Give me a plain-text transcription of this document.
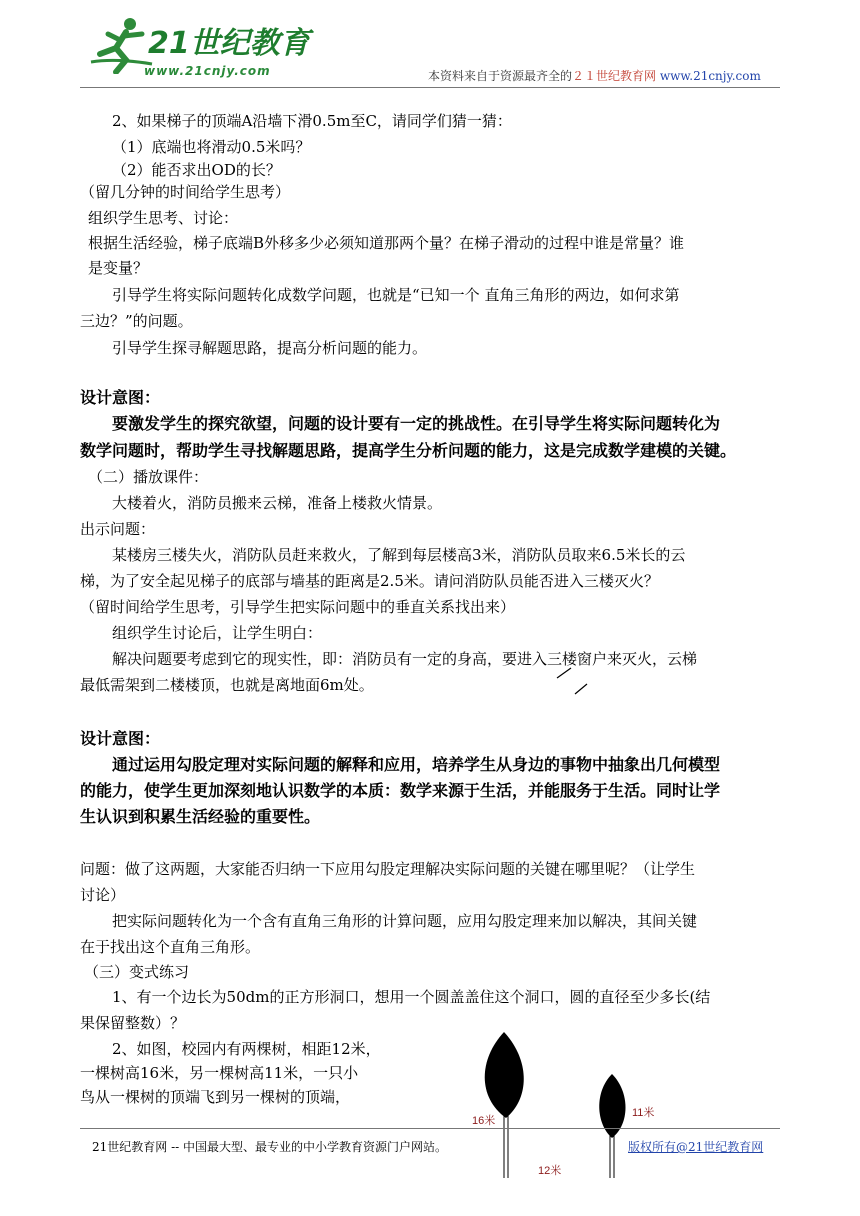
21世纪教育
www.21cnjy.com	本资料来自于资源最齐全的２１世纪教育网 www.21cnjy.com
2、如果梯子的顶端A沿墙下滑0.5m至C，请同学们猜一猜：
（1）底端也将滑动0.5米吗？
（2）能否求出OD的长？
（留几分钟的时间给学生思考）
组织学生思考、讨论：
根据生活经验，梯子底端B外移多少必须知道那两个量？在梯子滑动的过程中谁是常量？谁
是变量？
引导学生将实际问题转化成数学问题，也就是“已知一个 直角三角形的两边，如何求第
三边？”的问题。
引导学生探寻解题思路，提高分析问题的能力。
设计意图：
要激发学生的探究欲望，问题的设计要有一定的挑战性。在引导学生将实际问题转化为
数学问题时，帮助学生寻找解题思路，提高学生分析问题的能力，这是完成数学建模的关键。
（二）播放课件：
大楼着火，消防员搬来云梯，准备上楼救火情景。
出示问题：
某楼房三楼失火，消防队员赶来救火，了解到每层楼高3米，消防队员取来6.5米长的云
梯，为了安全起见梯子的底部与墙基的距离是2.5米。请问消防队员能否进入三楼灭火？
（留时间给学生思考，引导学生把实际问题中的垂直关系找出来）
组织学生讨论后，让学生明白：
解决问题要考虑到它的现实性，即：消防员有一定的身高，要进入三楼窗户来灭火，云梯
最低需架到二楼楼顶，也就是离地面6m处。
设计意图：
通过运用勾股定理对实际问题的解释和应用，培养学生从身边的事物中抽象出几何模型
的能力，使学生更加深刻地认识数学的本质：数学来源于生活，并能服务于生活。同时让学
生认识到积累生活经验的重要性。
问题：做了这两题，大家能否归纳一下应用勾股定理解决实际问题的关键在哪里呢？（让学生
讨论）
把实际问题转化为一个含有直角三角形的计算问题，应用勾股定理来加以解决，其间关键
在于找出这个直角三角形。
（三）变式练习
1、有一个边长为50dm的正方形洞口，想用一个圆盖盖住这个洞口，圆的直径至少多长(结
果保留整数）？
2、如图，校园内有两棵树，相距12米，
一棵树高16米，另一棵树高11米，一只小
鸟从一棵树的顶端飞到另一棵树的顶端，
16米
11米
12米
21世纪教育网 -- 中国最大型、最专业的中小学教育资源门户网站。	版权所有@21世纪教育网
